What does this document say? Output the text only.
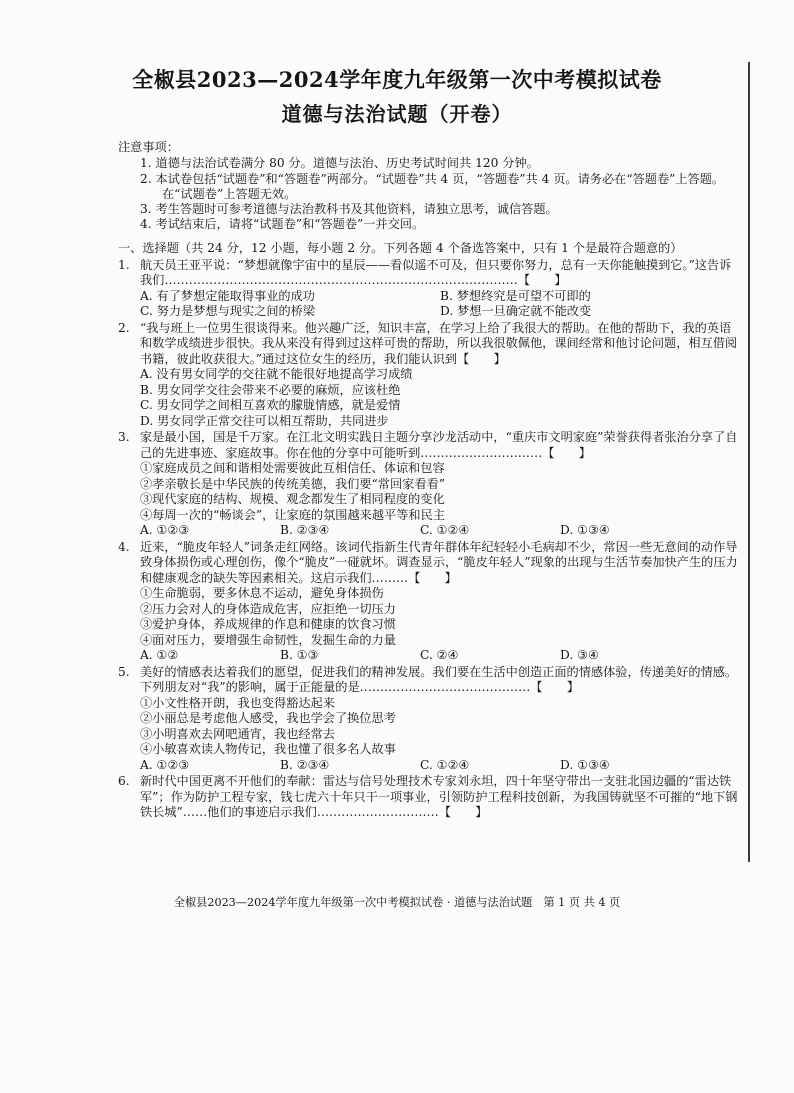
全椒县2023—2024学年度九年级第一次中考模拟试卷
道德与法治试题（开卷）
注意事项：
1. 道德与法治试卷满分 80 分。道德与法治、历史考试时间共 120 分钟。
2. 本试卷包括“试题卷”和“答题卷”两部分。“试题卷”共 4 页，“答题卷”共 4 页。请务必在“答题卷”上答题。在“试题卷”上答题无效。
3. 考生答题时可参考道德与法治教科书及其他资料，请独立思考，诚信答题。
4. 考试结束后，请将“试题卷”和“答题卷”一并交回。
一、选择题（共 24 分，12 小题，每小题 2 分。下列各题 4 个备选答案中，只有 1 个是最符合题意的）
1. 航天员王亚平说：“梦想就像宇宙中的星辰——看似遥不可及，但只要你努力，总有一天你能触摸到它。”这告诉我们……………………………………………………………………………【　　】
A. 有了梦想定能取得事业的成功	B. 梦想终究是可望不可即的
C. 努力是梦想与现实之间的桥梁	D. 梦想一旦确定就不能改变
2. “我与班上一位男生很谈得来。他兴趣广泛，知识丰富，在学习上给了我很大的帮助。在他的帮助下，我的英语和数学成绩进步很快。我从来没有得到过这样可贵的帮助，所以我很敬佩他，课间经常和他讨论问题，相互借阅书籍，彼此收获很大。”通过这位女生的经历，我们能认识到【　　】
A. 没有男女同学的交往就不能很好地提高学习成绩
B. 男女同学交往会带来不必要的麻烦，应该杜绝
C. 男女同学之间相互喜欢的朦胧情感，就是爱情
D. 男女同学正常交往可以相互帮助，共同进步
3. 家是最小国，国是千万家。在江北文明实践日主题分享沙龙活动中，“重庆市文明家庭”荣誉获得者张治分享了自己的先进事迹、家庭故事。你在他的分享中可能听到…………………………【　　】
①家庭成员之间和谐相处需要彼此互相信任、体谅和包容
②孝亲敬长是中华民族的传统美德，我们要“常回家看看”
③现代家庭的结构、规模、观念都发生了相同程度的变化
④每周一次的“畅谈会”，让家庭的氛围越来越平等和民主
A. ①②③	B. ②③④	C. ①②④	D. ①③④
4. 近来，“脆皮年轻人”词条走红网络。该词代指新生代青年群体年纪轻轻小毛病却不少，常因一些无意间的动作导致身体损伤或心理创伤，像个“脆皮”一碰就坏。调查显示，“脆皮年轻人”现象的出现与生活节奏加快产生的压力和健康观念的缺失等因素相关。这启示我们………【　　】
①生命脆弱，要多休息不运动，避免身体损伤
②压力会对人的身体造成危害，应拒绝一切压力
③爱护身体，养成规律的作息和健康的饮食习惯
④面对压力，要增强生命韧性，发掘生命的力量
A. ①②	B. ①③	C. ②④	D. ③④
5. 美好的情感表达着我们的愿望，促进我们的精神发展。我们要在生活中创造正面的情感体验，传递美好的情感。下列朋友对“我”的影响，属于正能量的是……………………………………【　　】
①小文性格开朗，我也变得豁达起来
②小丽总是考虑他人感受，我也学会了换位思考
③小明喜欢去网吧通宵，我也经常去
④小敏喜欢读人物传记，我也懂了很多名人故事
A. ①②③	B. ②③④	C. ①②④	D. ①③④
6. 新时代中国更离不开他们的奉献：雷达与信号处理技术专家刘永坦，四十年坚守带出一支驻北国边疆的“雷达铁军”；作为防护工程专家，钱七虎六十年只干一项事业，引领防护工程科技创新，为我国铸就坚不可摧的“地下钢铁长城”……他们的事迹启示我们…………………………【　　】
全椒县2023—2024学年度九年级第一次中考模拟试卷 · 道德与法治试题　第 1 页 共 4 页
